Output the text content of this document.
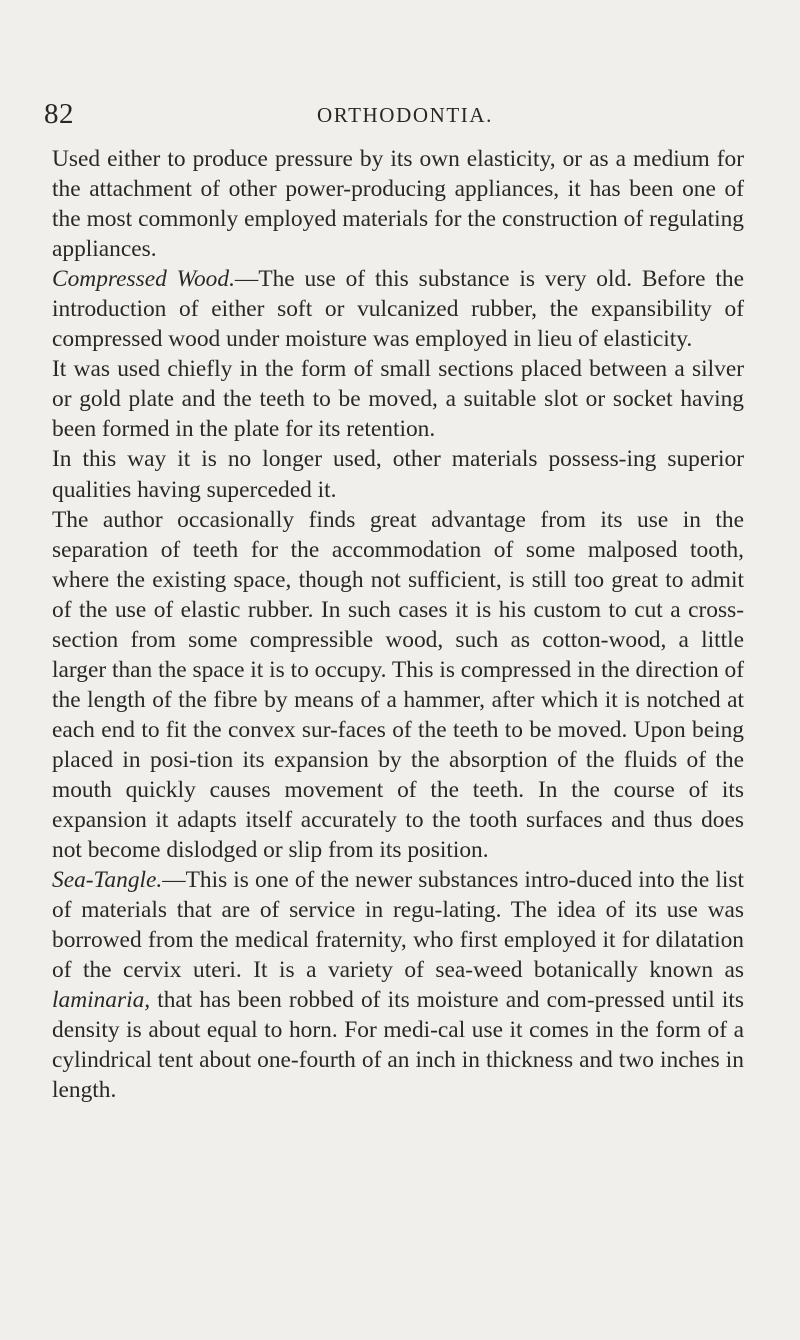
82	ORTHODONTIA.

Used either to produce pressure by its own elasticity, or as a medium for the attachment of other power-producing appliances, it has been one of the most commonly employed materials for the construction of regulating appliances.

Compressed Wood.—The use of this substance is very old. Before the introduction of either soft or vulcanized rubber, the expansibility of compressed wood under moisture was employed in lieu of elasticity.

It was used chiefly in the form of small sections placed between a silver or gold plate and the teeth to be moved, a suitable slot or socket having been formed in the plate for its retention.

In this way it is no longer used, other materials possess-ing superior qualities having superceded it.

The author occasionally finds great advantage from its use in the separation of teeth for the accommodation of some malposed tooth, where the existing space, though not sufficient, is still too great to admit of the use of elastic rubber. In such cases it is his custom to cut a cross-section from some compressible wood, such as cotton-wood, a little larger than the space it is to occupy. This is compressed in the direction of the length of the fibre by means of a hammer, after which it is notched at each end to fit the convex sur-faces of the teeth to be moved. Upon being placed in posi-tion its expansion by the absorption of the fluids of the mouth quickly causes movement of the teeth. In the course of its expansion it adapts itself accurately to the tooth surfaces and thus does not become dislodged or slip from its position.

Sea-Tangle.—This is one of the newer substances intro-duced into the list of materials that are of service in regu-lating. The idea of its use was borrowed from the medical fraternity, who first employed it for dilatation of the cervix uteri. It is a variety of sea-weed botanically known as laminaria, that has been robbed of its moisture and com-pressed until its density is about equal to horn. For medi-cal use it comes in the form of a cylindrical tent about one-fourth of an inch in thickness and two inches in length.
